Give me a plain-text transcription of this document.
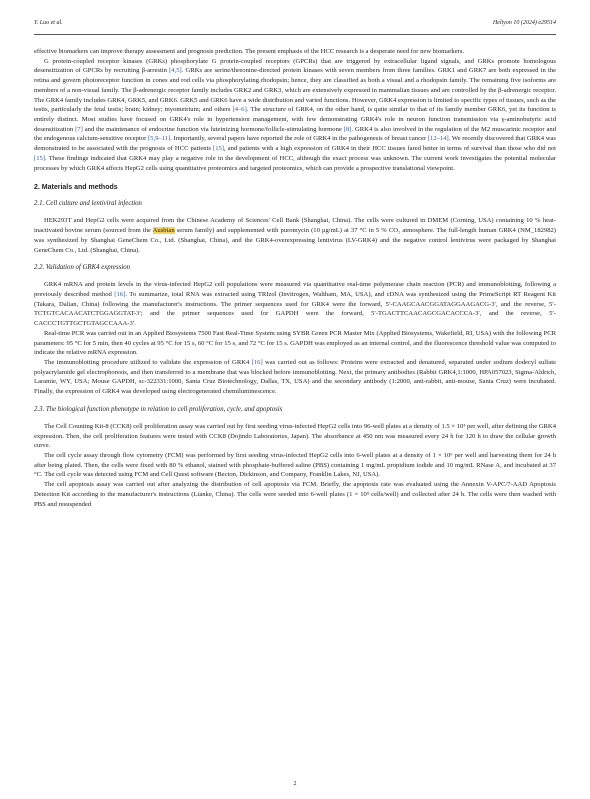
Y. Luo et al.	Heliyon 10 (2024) e29514

effective biomarkers can improve therapy assessment and prognosis prediction. The present emphasis of the HCC research is a desperate need for new biomarkers.

G protein-coupled receptor kinases (GRKs) phosphorylate G protein-coupled receptors (GPCRs) that are triggered by extracellular ligand signals, and GRKs promote homologous desensitization of GPCRs by recruiting β-arrestin [4,5]. GRKs are serine/threonine-directed protein kinases with seven members from three families. GRK1 and GRK7 are both expressed in the retina and govern photoreceptor function in cones and rod cells via phosphorylating rhodopsin; hence, they are classified as both a visual and a rhodopsin family. The remaining five isoforms are members of a non-visual family. The β-adrenergic receptor family includes GRK2 and GRK3, which are extensively expressed in mammalian tissues and are controlled by the β-adrenergic receptor. The GRK4 family includes GRK4, GRK5, and GRK6. GRK5 and GRK6 have a wide distribution and varied functions. However, GRK4 expression is limited to specific types of tissues, such as the testis, particularly the fetal testis; brain; kidney; myometrium; and others [4–6]. The structure of GRK4, on the other hand, is quite similar to that of its family member GRK6, yet its function is entirely distinct. Most studies have focused on GRK4's role in hypertension management, with few demonstrating GRK4's role in neuron function transmission via γ-aminobutyric acid desensitization [7] and the maintenance of endocrine function via luteinizing hormone/follicle-stimulating hormone [8]. GRK4 is also involved in the regulation of the M2 muscarinic receptor and the endogenous calcium-sensitive receptor [5,9–11]. Importantly, several papers have reported the role of GRK4 in the pathogenesis of breast cancer [12–14]. We recently discovered that GRK4 was demonstrated to be associated with the prognosis of HCC patients [15], and patients with a high expression of GRK4 in their HCC tissues fared better in terms of survival than those who did not [15]. These findings indicated that GRK4 may play a negative role in the development of HCC, although the exact process was unknown. The current work investigates the potential molecular processes by which GRK4 affects HepG2 cells using quantitative proteomics and targeted proteomics, which can provide a prospective translational viewpoint.

2. Materials and methods
2.1. Cell culture and lentiviral infection

HEK293T and HepG2 cells were acquired from the Chinese Academy of Sciences' Cell Bank (Shanghai, China). The cells were cultured in DMEM (Corning, USA) containing 10 % heat-inactivated bovine serum (sourced from the Ausbian serum family) and supplemented with puromycin (10 μg/mL) at 37 °C in 5 % CO₂ atmosphere. The full-length human GRK4 (NM_182982) was synthesized by Shanghai GeneChem Co., Ltd. (Shanghai, China), and the GRK4-overexpressing lentivirus (LV-GRK4) and the negative control lentivirus were packaged by Shanghai GeneChem Co., Ltd. (Shanghai, China).

2.2. Validation of GRK4 expression

GRK4 mRNA and protein levels in the virus-infected HepG2 cell populations were measured via quantitative real-time polymerase chain reaction (PCR) and immunoblotting, following a previously described method [16]. To summarize, total RNA was extracted using TRIzol (Invitrogen, Waltham, MA, USA), and cDNA was synthesized using the PrimeScript RT Reagent Kit (Takara, Dalian, China) following the manufacturer's instructions. The primer sequences used for GRK4 were the forward, 5′-CAAGCAACGGATAGGAAGACG-3′, and the reverse, 5′-TCTGTCACAACATCTGGAGGTAT-3′; and the primer sequences used for GAPDH were the forward, 5′-TGACTTCAACAGCGACACCCA-3′, and the reverse, 5′-CACCCTGTTGCTGTAGCCAAA-3′.

Real-time PCR was carried out in an Applied Biosystems 7500 Fast Real-Time System using SYBR Green PCR Master Mix (Applied Biosystems, Wakefield, RI, USA) with the following PCR parameters: 95 °C for 5 min, then 40 cycles at 95 °C for 15 s, 60 °C for 15 s, and 72 °C for 15 s. GAPDH was employed as an internal control, and the fluorescence threshold value was computed to indicate the relative mRNA expression.

The immunoblotting procedure utilized to validate the expression of GRK4 [16] was carried out as follows: Proteins were extracted and denatured, separated under sodium dodecyl sulfate polyacrylamide gel electrophoresis, and then transferred to a membrane that was blocked before immunoblotting. Next, the primary antibodies (Rabbit GRK4,1:1000, HPA057023, Sigma-Aldrich, Laramie, WY, USA; Mouse GAPDH, sc-322331:1000, Santa Cruz Biotechnology, Dallas, TX, USA) and the secondary antibody (1:2000, anti-rabbit, anti-mouse, Santa Cruz) were incubated. Finally, the expression of GRK4 was developed using electrogenerated chemiluminescence.

2.3. The biological function phenotype in relation to cell proliferation, cycle, and apoptosis

The Cell Counting Kit-8 (CCK8) cell proliferation assay was carried out by first seeding virus-infected HepG2 cells into 96-well plates at a density of 1.5 × 10³ per well, after defining the GRK4 expression. Then, the cell proliferation features were tested with CCK8 (Dojindo Laboratories, Japan). The absorbance at 450 nm was measured every 24 h for 120 h to draw the cellular growth curve.

The cell cycle assay through flow cytometry (FCM) was performed by first seeding virus-infected HepG2 cells into 6-well plates at a density of 1 × 10⁶ per well and harvesting them for 24 h after being plated. Then, the cells were fixed with 80 % ethanol, stained with phosphate-buffered saline (PBS) containing 1 mg/mL propidium iodide and 10 mg/mL RNase A, and incubated at 37 °C. The cell cycle was detected using FCM and Cell Quest software (Becton, Dickinson, and Company, Franklin Lakes, NJ, USA).

The cell apoptosis assay was carried out after analyzing the distribution of cell apoptosis via FCM. Briefly, the apoptosis rate was evaluated using the Annexin V-APC/7-AAD Apoptosis Detection Kit according to the manufacturer's instructions (Lianke, China). The cells were seeded into 6-well plates (1 × 10⁵ cells/well) and collected after 24 h. The cells were then washed with PBS and resuspended

2
